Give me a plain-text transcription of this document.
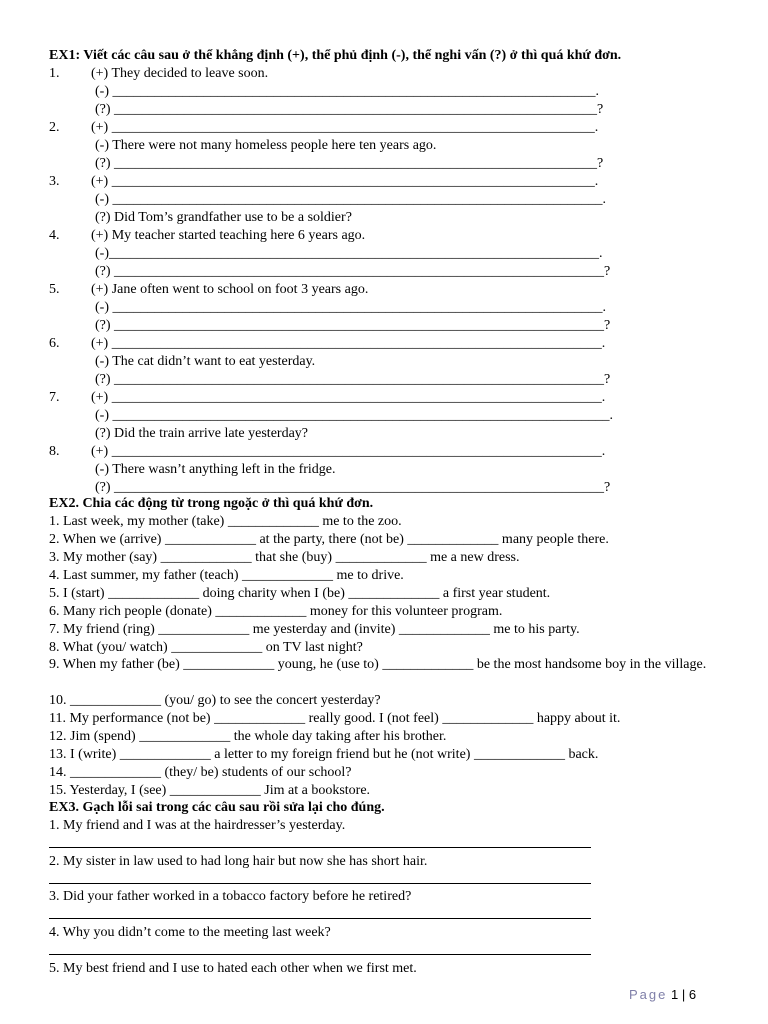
EX1: Viết các câu sau ở thể khẳng định (+), thể phủ định (-), thể nghi vấn (?) ở thì quá khứ đơn.
1. (+) They decided to leave soon.
(-) _____________________________________________________________________.
(?) _____________________________________________________________________?
2. (+) _____________________________________________________________________.
(-) There were not many homeless people here ten years ago.
(?) _____________________________________________________________________?
3. (+) _____________________________________________________________________.
(-) ______________________________________________________________________.
(?) Did Tom’s grandfather use to be a soldier?
4. (+) My teacher started teaching here 6 years ago.
(-)______________________________________________________________________.
(?) ______________________________________________________________________?
5. (+) Jane often went to school on foot 3 years ago.
(-) ______________________________________________________________________.
(?) ______________________________________________________________________?
6. (+) ______________________________________________________________________.
(-) The cat didn’t want to eat yesterday.
(?) ______________________________________________________________________?
7. (+) ______________________________________________________________________.
(-) _______________________________________________________________________.
(?) Did the train arrive late yesterday?
8. (+) ______________________________________________________________________.
(-) There wasn’t anything left in the fridge.
(?) ______________________________________________________________________?
EX2. Chia các động từ trong ngoặc ở thì quá khứ đơn.
1. Last week, my mother (take) _____________ me to the zoo.
2. When we (arrive) _____________ at the party, there (not be) _____________ many people there.
3. My mother (say) _____________ that she (buy) _____________ me a new dress.
4. Last summer, my father (teach) _____________ me to drive.
5. I (start) _____________ doing charity when I (be) _____________ a first year student.
6. Many rich people (donate) _____________ money for this volunteer program.
7. My friend (ring) _____________ me yesterday and (invite) _____________ me to his party.
8. What (you/ watch) _____________ on TV last night?
9. When my father (be) _____________ young, he (use to) _____________ be the most handsome boy in the village.
10. _____________ (you/ go) to see the concert yesterday?
11. My performance (not be) _____________ really good. I (not feel) _____________ happy about it.
12. Jim (spend) _____________ the whole day taking after his brother.
13. I (write) _____________ a letter to my foreign friend but he (not write) _____________ back.
14. _____________ (they/ be) students of our school?
15. Yesterday, I (see) _____________ Jim at a bookstore.
EX3. Gạch lỗi sai trong các câu sau rồi sửa lại cho đúng.
1. My friend and I was at the hairdresser’s yesterday.
2. My sister in law used to had long hair but now she has short hair.
3. Did your father worked in a tobacco factory before he retired?
4. Why you didn’t come to the meeting last week?
5. My best friend and I use to hated each other when we first met.
Page 1 | 6
